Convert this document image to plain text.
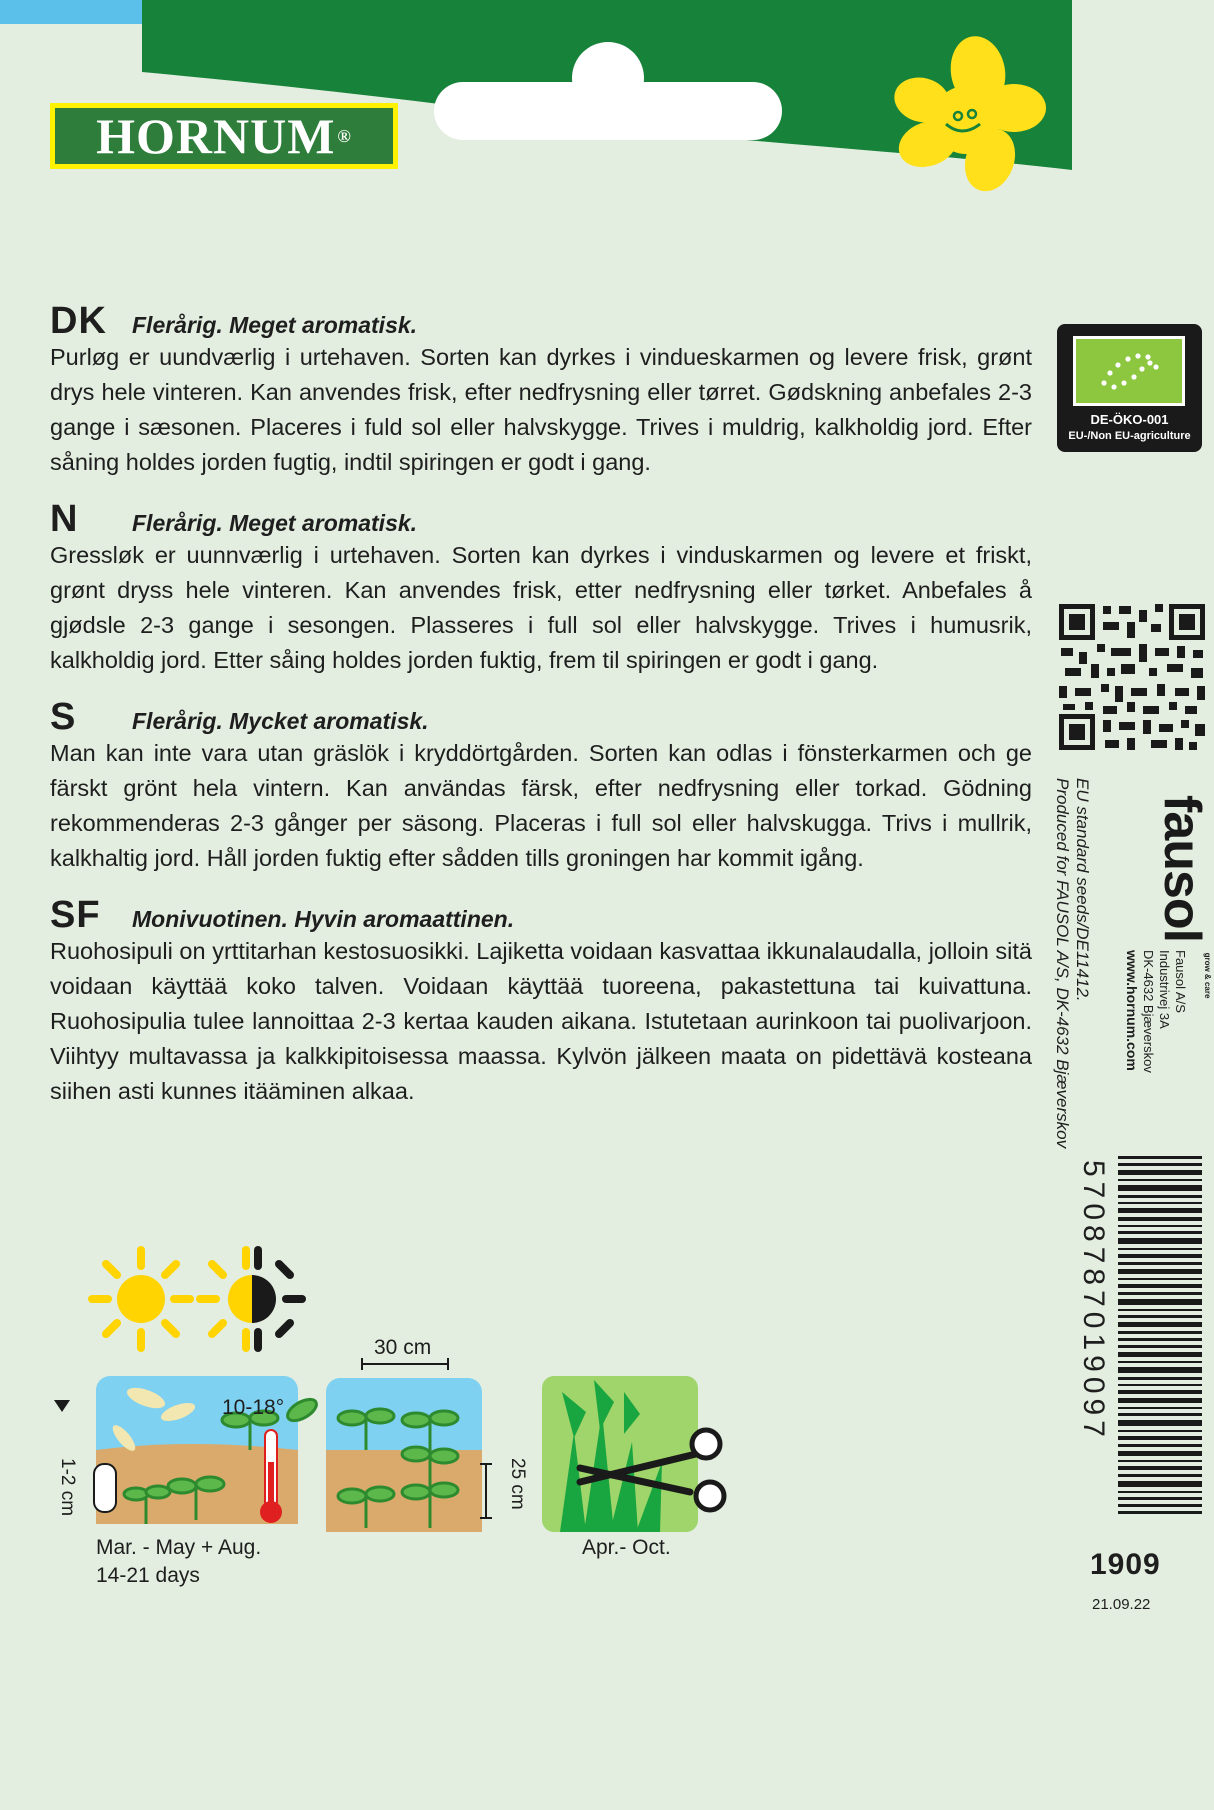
HORNUM ®
DK	Flerårig. Meget aromatisk.
Purløg er uundværlig i urtehaven. Sorten kan dyrkes i vindueskarmen og levere frisk, grønt drys hele vinteren. Kan anvendes frisk, efter nedfrysning eller tørret. Gødskning anbefales 2-3 gange i sæsonen. Placeres i fuld sol eller halvskygge. Trives i muldrig, kalkholdig jord. Efter såning holdes jorden fugtig, indtil spiringen er godt i gang.
N	Flerårig. Meget aromatisk.
Gressløk er uunnværlig i urtehaven. Sorten kan dyrkes i vinduskarmen og levere et friskt, grønt dryss hele vinteren. Kan anvendes frisk, etter nedfrysning eller tørket. Anbefales å gjødsle 2-3 gange i sesongen. Plasseres i full sol eller halvskygge. Trives i humusrik, kalkholdig jord. Etter såing holdes jorden fuktig, frem til spiringen er godt i gang.
S	Flerårig. Mycket aromatisk.
Man kan inte vara utan gräslök i kryddörtgården. Sorten kan odlas i fönsterkarmen och ge färskt grönt hela vintern. Kan användas färsk, efter nedfrysning eller torkad. Gödning rekommenderas 2-3 gånger per säsong. Placeras i full sol eller halvskugga. Trivs i mullrik, kalkhaltig jord. Håll jorden fuktig efter sådden tills groningen har kommit igång.
SF	Monivuotinen. Hyvin aromaattinen.
Ruohosipuli on yrttitarhan kestosuosikki. Lajiketta voidaan kasvattaa ikkunalaudalla, jolloin sitä voidaan käyttää koko talven. Voidaan käyttää tuoreena, pakastettuna tai kuivattuna. Ruohosipulia tulee lannoittaa 2-3 kertaa kauden aikana. Istutetaan aurinkoon tai puolivarjoon. Viihtyy multavassa ja kalkkipitoisessa maassa. Kylvön jälkeen maata on pidettävä kosteana siihen asti kunnes itääminen alkaa.
DE-ÖKO-001
EU-/Non EU-agriculture
EU standard seeds/DE11412.
Produced for FAUSOL A/S, DK-4632 Bjæverskov fausol $^{grow \& care}$
Fausol A/S
Industrivej 3A
DK-4632 Bjæverskov
www.hornum.com
5708787019097
1909
21.09.22
10-18°
1-2 cm
Mar. - May + Aug.
14-21 days
30 cm
25 cm
Apr.- Oct.
